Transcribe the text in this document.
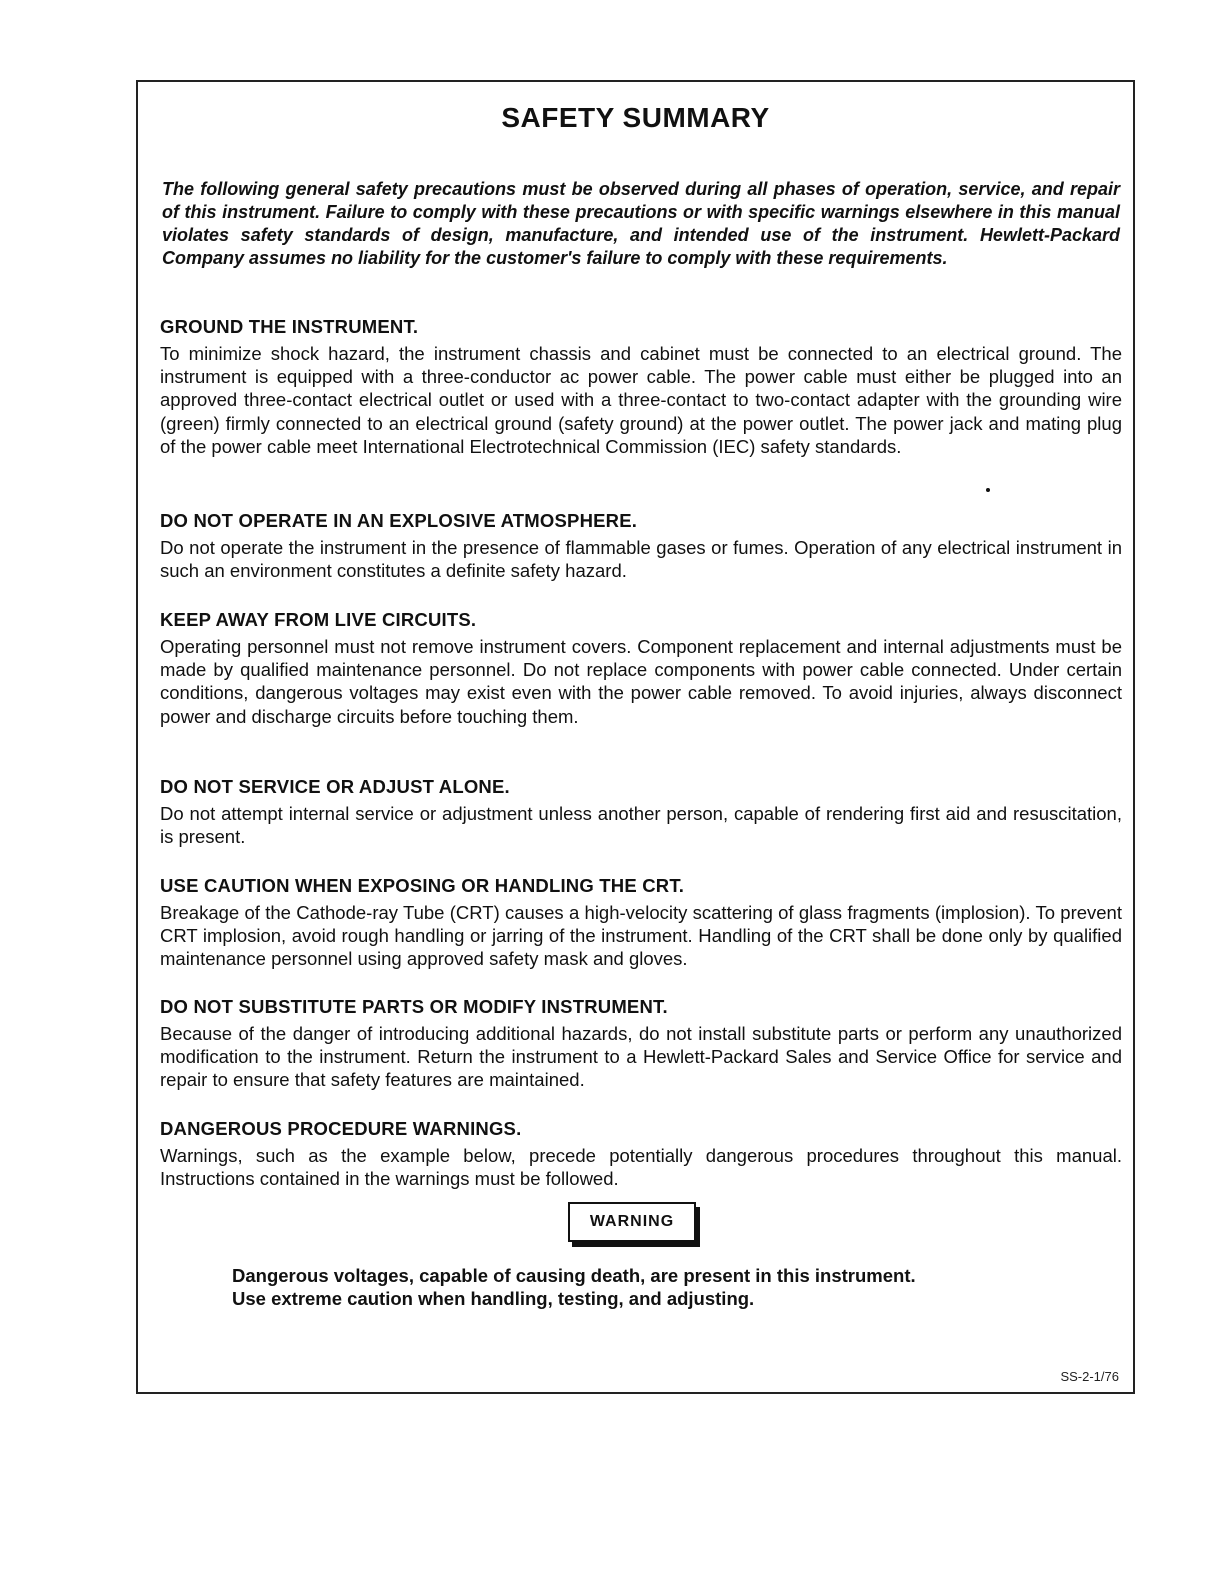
SAFETY SUMMARY

The following general safety precautions must be observed during all phases of operation, service, and repair of this instrument. Failure to comply with these precautions or with specific warnings elsewhere in this manual violates safety standards of design, manufacture, and intended use of the instrument. Hewlett-Packard Company assumes no liability for the customer's failure to comply with these requirements.

GROUND THE INSTRUMENT.

To minimize shock hazard, the instrument chassis and cabinet must be connected to an electrical ground. The instrument is equipped with a three-conductor ac power cable. The power cable must either be plugged into an approved three-contact electrical outlet or used with a three-contact to two-contact adapter with the grounding wire (green) firmly connected to an electrical ground (safety ground) at the power outlet. The power jack and mating plug of the power cable meet International Electrotechnical Commission (IEC) safety standards.

DO NOT OPERATE IN AN EXPLOSIVE ATMOSPHERE.

Do not operate the instrument in the presence of flammable gases or fumes. Operation of any electrical instrument in such an environment constitutes a definite safety hazard.

KEEP AWAY FROM LIVE CIRCUITS.

Operating personnel must not remove instrument covers. Component replacement and internal adjustments must be made by qualified maintenance personnel. Do not replace components with power cable connected. Under certain conditions, dangerous voltages may exist even with the power cable removed. To avoid injuries, always disconnect power and discharge circuits before touching them.

DO NOT SERVICE OR ADJUST ALONE.

Do not attempt internal service or adjustment unless another person, capable of rendering first aid and resuscitation, is present.

USE CAUTION WHEN EXPOSING OR HANDLING THE CRT.

Breakage of the Cathode-ray Tube (CRT) causes a high-velocity scattering of glass fragments (implosion). To prevent CRT implosion, avoid rough handling or jarring of the instrument. Handling of the CRT shall be done only by qualified maintenance personnel using approved safety mask and gloves.

DO NOT SUBSTITUTE PARTS OR MODIFY INSTRUMENT.

Because of the danger of introducing additional hazards, do not install substitute parts or perform any unauthorized modification to the instrument. Return the instrument to a Hewlett-Packard Sales and Service Office for service and repair to ensure that safety features are maintained.

DANGEROUS PROCEDURE WARNINGS.

Warnings, such as the example below, precede potentially dangerous procedures throughout this manual. Instructions contained in the warnings must be followed.

WARNING
Dangerous voltages, capable of causing death, are present in this instrument.
Use extreme caution when handling, testing, and adjusting.
SS-2-1/76
